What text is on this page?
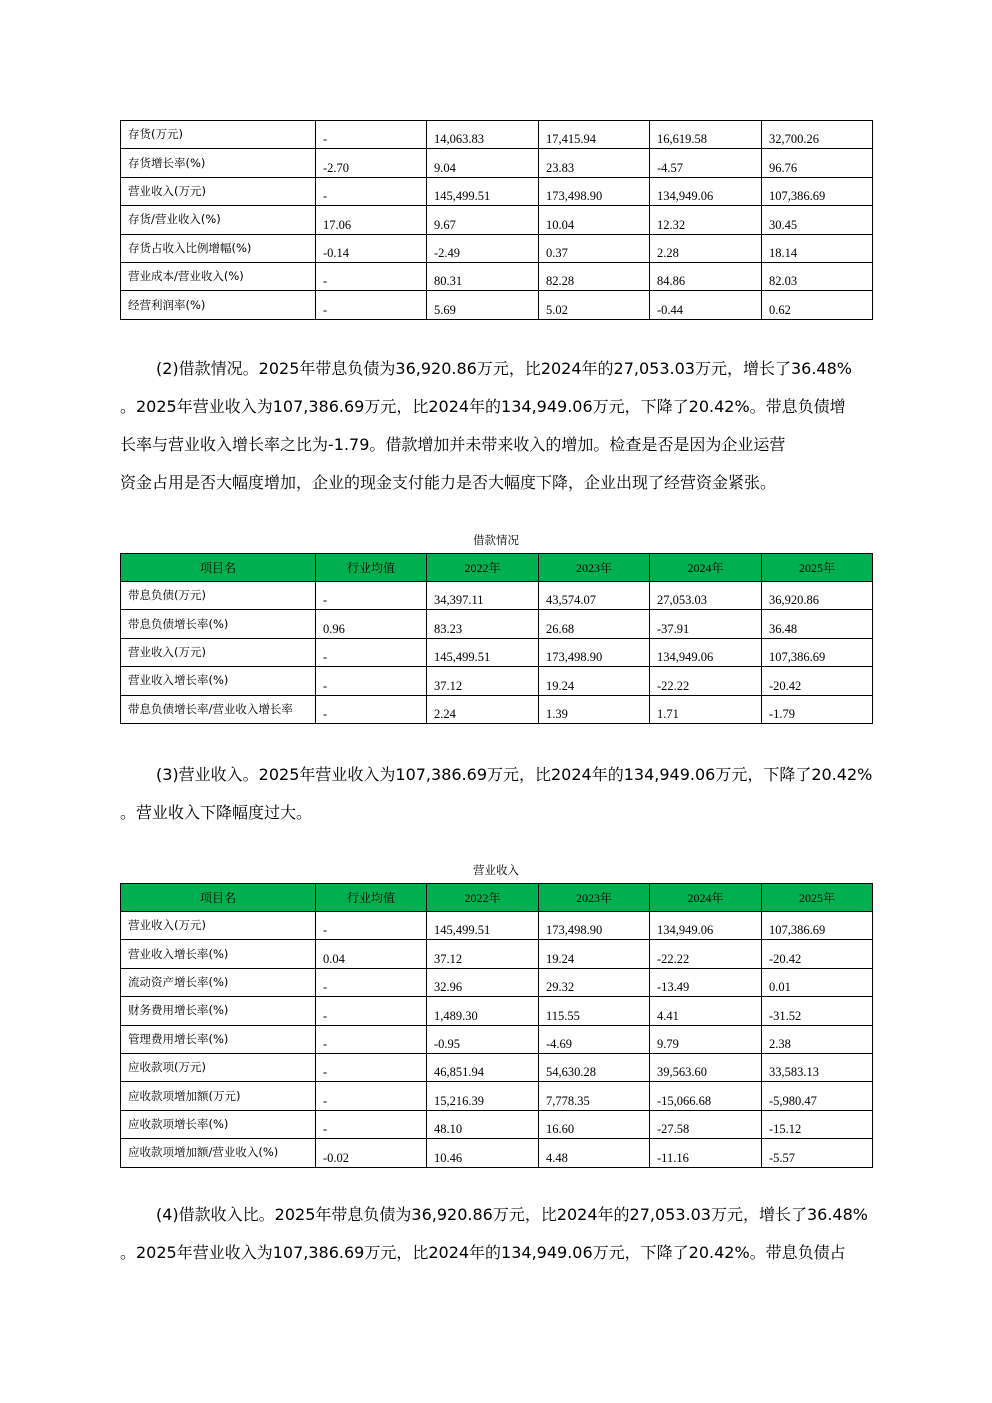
存货(万元)	-	14,063.83	17,415.94	16,619.58	32,700.26
存货增长率(%)	-2.70	9.04	23.83	-4.57	96.76
营业收入(万元)	-	145,499.51	173,498.90	134,949.06	107,386.69
存货/营业收入(%)	17.06	9.67	10.04	12.32	30.45
存货占收入比例增幅(%)	-0.14	-2.49	0.37	2.28	18.14
营业成本/营业收入(%)	-	80.31	82.28	84.86	82.03
经营利润率(%)	-	5.69	5.02	-0.44	0.62
(2)借款情况。2025年带息负债为36,920.86万元，比2024年的27,053.03万元，增长了36.48%
。2025年营业收入为107,386.69万元，比2024年的134,949.06万元，下降了20.42%。带息负债增
长率与营业收入增长率之比为-1.79。借款增加并未带来收入的增加。检查是否是因为企业运营
资金占用是否大幅度增加，企业的现金支付能力是否大幅度下降，企业出现了经营资金紧张。
借款情况
项目名	行业均值	2022年	2023年	2024年	2025年
带息负债(万元)	-	34,397.11	43,574.07	27,053.03	36,920.86
带息负债增长率(%)	0.96	83.23	26.68	-37.91	36.48
营业收入(万元)	-	145,499.51	173,498.90	134,949.06	107,386.69
营业收入增长率(%)	-	37.12	19.24	-22.22	-20.42
带息负债增长率/营业收入增长率	-	2.24	1.39	1.71	-1.79
(3)营业收入。2025年营业收入为107,386.69万元，比2024年的134,949.06万元，下降了20.42%
。营业收入下降幅度过大。
营业收入
项目名	行业均值	2022年	2023年	2024年	2025年
营业收入(万元)	-	145,499.51	173,498.90	134,949.06	107,386.69
营业收入增长率(%)	0.04	37.12	19.24	-22.22	-20.42
流动资产增长率(%)	-	32.96	29.32	-13.49	0.01
财务费用增长率(%)	-	1,489.30	115.55	4.41	-31.52
管理费用增长率(%)	-	-0.95	-4.69	9.79	2.38
应收款项(万元)	-	46,851.94	54,630.28	39,563.60	33,583.13
应收款项增加额(万元)	-	15,216.39	7,778.35	-15,066.68	-5,980.47
应收款项增长率(%)	-	48.10	16.60	-27.58	-15.12
应收款项增加额/营业收入(%)	-0.02	10.46	4.48	-11.16	-5.57
(4)借款收入比。2025年带息负债为36,920.86万元，比2024年的27,053.03万元，增长了36.48%
。2025年营业收入为107,386.69万元，比2024年的134,949.06万元，下降了20.42%。带息负债占
